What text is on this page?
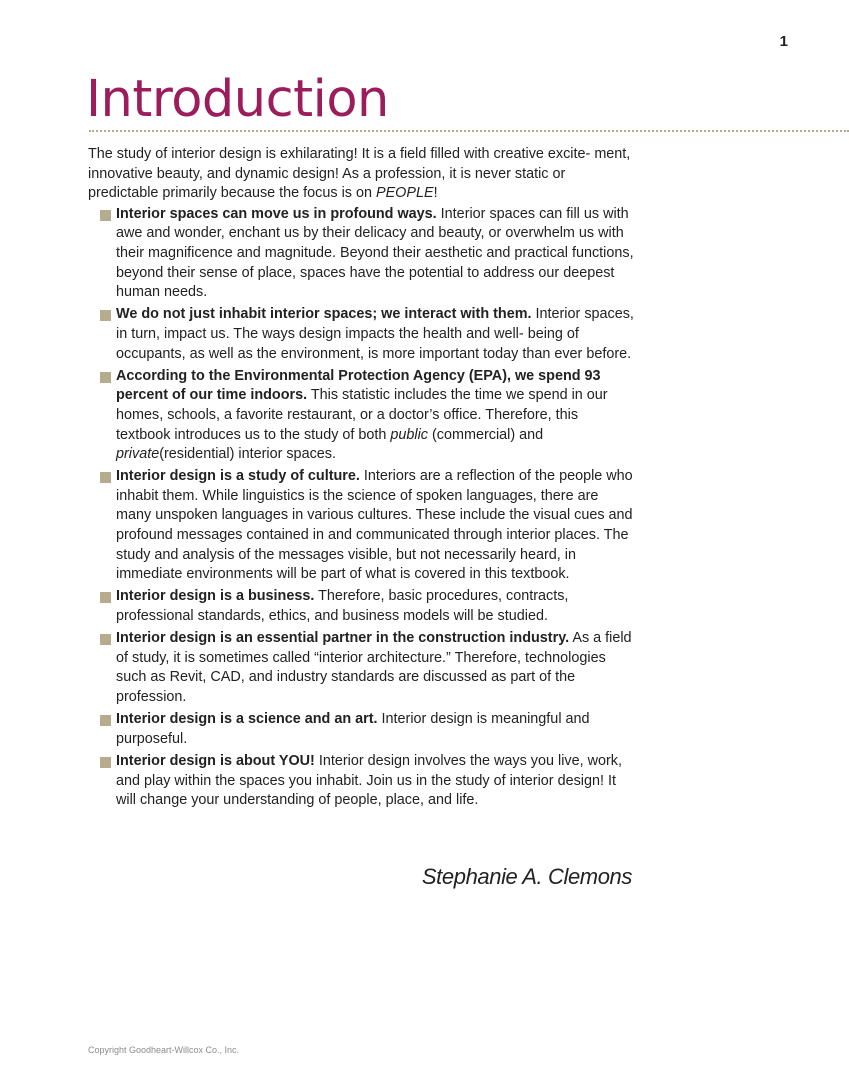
1
Introduction

The study of interior design is exhilarating! It is a field filled with creative excite- ment, innovative beauty, and dynamic design! As a profession, it is never static or predictable primarily because the focus is on PEOPLE!

Interior spaces can move us in profound ways. Interior spaces can fill us with awe and wonder, enchant us by their delicacy and beauty, or overwhelm us with their magnificence and magnitude. Beyond their aesthetic and practical functions, beyond their sense of place, spaces have the potential to address our deepest human needs.
We do not just inhabit interior spaces; we interact with them. Interior spaces, in turn, impact us. The ways design impacts the health and well- being of occupants, as well as the environment, is more important today than ever before.
According to the Environmental Protection Agency (EPA), we spend 93 percent of our time indoors. This statistic includes the time we spend in our homes, schools, a favorite restaurant, or a doctor’s office. Therefore, this textbook introduces us to the study of both public (commercial) and private(residential) interior spaces.
Interior design is a study of culture. Interiors are a reflection of the people who inhabit them. While linguistics is the science of spoken languages, there are many unspoken languages in various cultures. These include the visual cues and profound messages contained in and communicated through interior places. The study and analysis of the messages visible, but not necessarily heard, in immediate environments will be part of what is covered in this textbook.
Interior design is a business. Therefore, basic procedures, contracts, professional standards, ethics, and business models will be studied.
Interior design is an essential partner in the construction industry. As a field of study, it is sometimes called “interior architecture.” Therefore, technologies such as Revit, CAD, and industry standards are discussed as part of the profession.
Interior design is a science and an art. Interior design is meaningful and purposeful.
Interior design is about YOU! Interior design involves the ways you live, work, and play within the spaces you inhabit. Join us in the study of interior design! It will change your understanding of people, place, and life.
Stephanie A. Clemons
Copyright Goodheart-Willcox Co., Inc.
